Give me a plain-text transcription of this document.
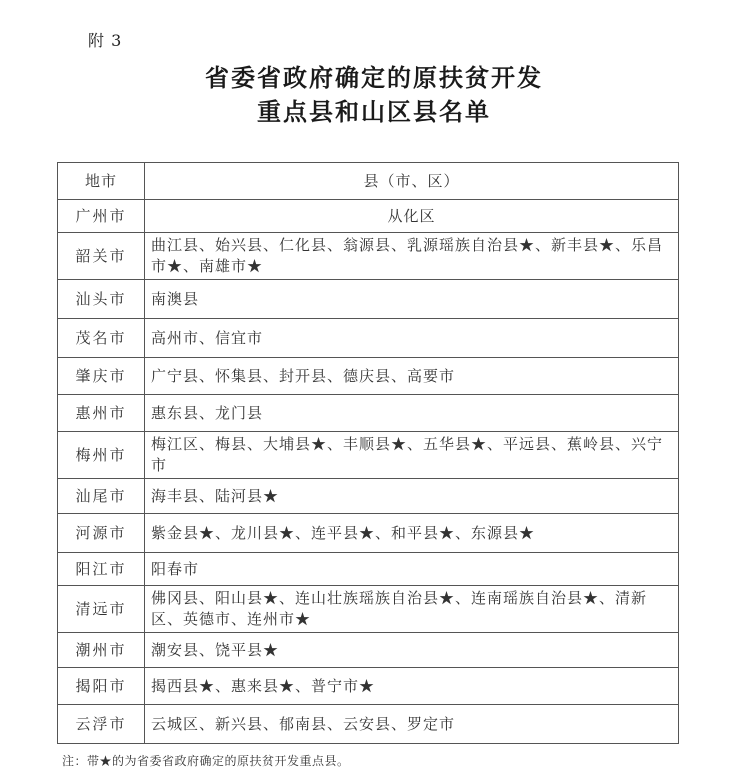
附 3
省委省政府确定的原扶贫开发
重点县和山区县名单
地市	县（市、区）
广州市	从化区
韶关市	曲江县、始兴县、仁化县、翁源县、乳源瑶族自治县★、新丰县★、乐昌市★、南雄市★
汕头市	南澳县
茂名市	高州市、信宜市
肇庆市	广宁县、怀集县、封开县、德庆县、高要市
惠州市	惠东县、龙门县
梅州市	梅江区、梅县、大埔县★、丰顺县★、五华县★、平远县、蕉岭县、兴宁市
汕尾市	海丰县、陆河县★
河源市	紫金县★、龙川县★、连平县★、和平县★、东源县★
阳江市	阳春市
清远市	佛冈县、阳山县★、连山壮族瑶族自治县★、连南瑶族自治县★、清新区、英德市、连州市★
潮州市	潮安县、饶平县★
揭阳市	揭西县★、惠来县★、普宁市★
云浮市	云城区、新兴县、郁南县、云安县、罗定市
注：带★的为省委省政府确定的原扶贫开发重点县。
